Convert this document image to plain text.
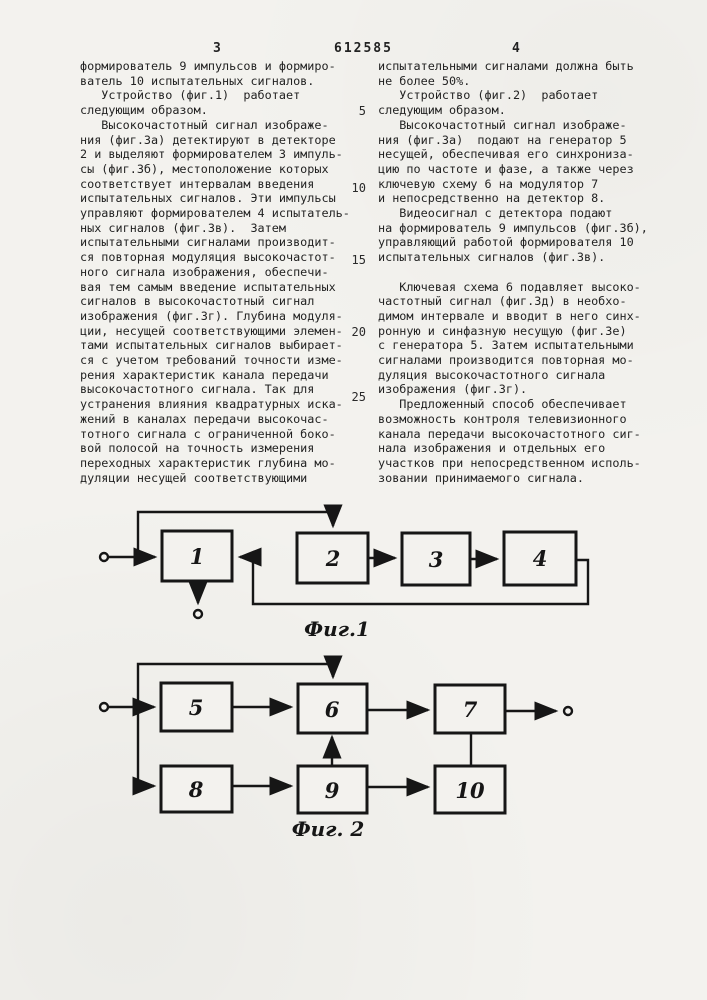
3	612585	4
формирователь 9 импульсов и формиро-
ватель 10 испытательных сигналов.
Устройство (фиг.1)  работает
следующим образом.
Высокочастотный сигнал изображе-
ния (фиг.3а) детектируют в детекторе
2 и выделяют формирователем 3 импуль-
сы (фиг.3б), местоположение которых
соответствует интервалам введения
испытательных сигналов. Эти импульсы
управляют формирователем 4 испытатель-
ных сигналов (фиг.3в).  Затем
испытательными сигналами производит-
ся повторная модуляция высокочастот-
ного сигнала изображения, обеспечи-
вая тем самым введение испытательных
сигналов в высокочастотный сигнал
изображения (фиг.3г). Глубина модуля-
ции, несущей соответствующими элемен-
тами испытательных сигналов выбирает-
ся с учетом требований точности изме-
рения характеристик канала передачи
высокочастотного сигнала. Так для
устранения влияния квадратурных иска-
жений в каналах передачи высокочас-
тотного сигнала с ограниченной боко-
вой полосой на точность измерения
переходных характеристик глубина мо-
дуляции несущей соответствующими
испытательными сигналами должна быть
не более 50%.
Устройство (фиг.2)  работает
следующим образом.
Высокочастотный сигнал изображе-
ния (фиг.3а)  подают на генератор 5
несущей, обеспечивая его синхрониза-
цию по частоте и фазе, а также через
ключевую схему 6 на модулятор 7
и непосредственно на детектор 8.
Видеосигнал с детектора подают
на формирователь 9 импульсов (фиг.3б),
управляющий работой формирователя 10
испытательных сигналов (фиг.3в).

Ключевая схема 6 подавляет высоко-
частотный сигнал (фиг.3д) в необхо-
димом интервале и вводит в него синх-
ронную и синфазную несущую (фиг.3е)
с генератора 5. Затем испытательными
сигналами производится повторная мо-
дуляция высокочастотного сигнала
изображения (фиг.3г).
Предложенный способ обеспечивает
возможность контроля телевизионного
канала передачи высокочастотного сиг-
нала изображения и отдельных его
участков при непосредственном исполь-
зовании принимаемого сигнала.
5
10
15
20
25
1	2	3	4
Фиг.1
5	6	7
8	9	10
Фиг. 2
